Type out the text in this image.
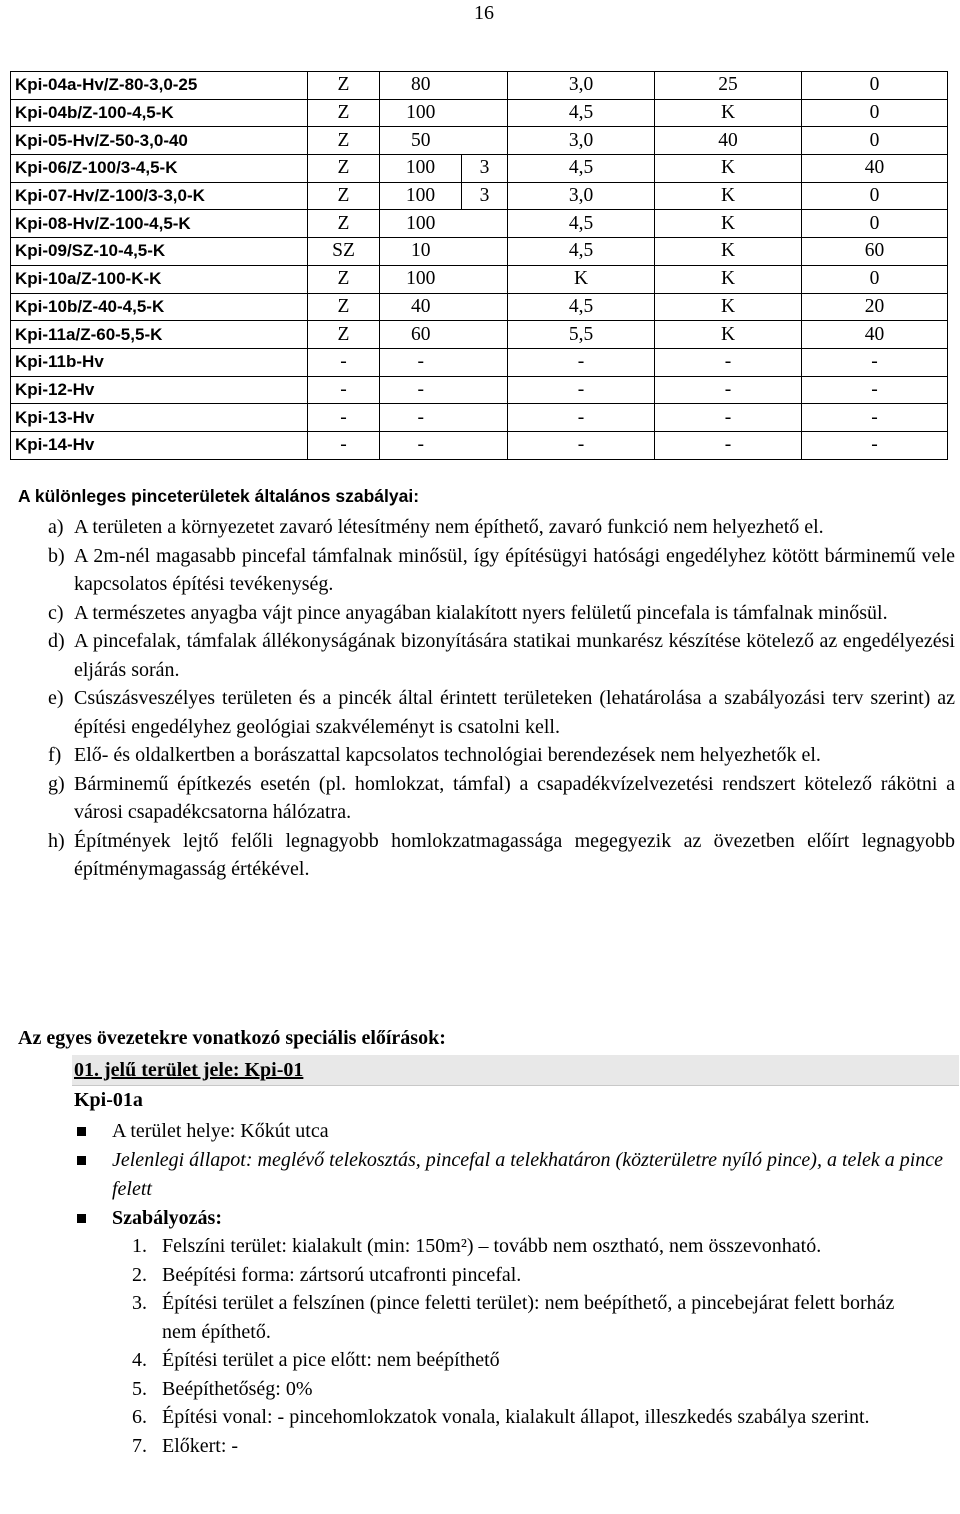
16
Kpi-04a-Hv/Z-80-3,0-25	Z	80		3,0	25	0
Kpi-04b/Z-100-4,5-K	Z	100		4,5	K	0
Kpi-05-Hv/Z-50-3,0-40	Z	50		3,0	40	0
Kpi-06/Z-100/3-4,5-K	Z	100	3	4,5	K	40
Kpi-07-Hv/Z-100/3-3,0-K	Z	100	3	3,0	K	0
Kpi-08-Hv/Z-100-4,5-K	Z	100		4,5	K	0
Kpi-09/SZ-10-4,5-K	SZ	10		4,5	K	60
Kpi-10a/Z-100-K-K	Z	100		K	K	0
Kpi-10b/Z-40-4,5-K	Z	40		4,5	K	20
Kpi-11a/Z-60-5,5-K	Z	60		5,5	K	40
Kpi-11b-Hv	-	-		-	-	-
Kpi-12-Hv	-	-		-	-	-
Kpi-13-Hv	-	-		-	-	-
Kpi-14-Hv	-	-		-	-	-
A különleges pinceterületek általános szabályai:
a) A területen a környezetet zavaró létesítmény nem építhető, zavaró funkció nem helyezhető el.
b) A 2m-nél magasabb pincefal támfalnak minősül, így építésügyi hatósági engedélyhez kötött bárminemű vele kapcsolatos építési tevékenység.
c) A természetes anyagba vájt pince anyagában kialakított nyers felületű pincefala is támfalnak minősül.
d) A pincefalak, támfalak állékonyságának bizonyítására statikai munkarész készítése kötelező az engedélyezési eljárás során.
e) Csúszásveszélyes területen és a pincék által érintett területeken (lehatárolása a szabályozási terv szerint) az építési engedélyhez geológiai szakvéleményt is csatolni kell.
f) Elő- és oldalkertben a borászattal kapcsolatos technológiai berendezések nem helyezhetők el.
g) Bárminemű építkezés esetén (pl. homlokzat, támfal) a csapadékvízelvezetési rendszert kötelező rákötni a városi csapadékcsatorna hálózatra.
h) Építmények lejtő felőli legnagyobb homlokzatmagassága megegyezik az övezetben előírt legnagyobb építménymagasság értékével.
Az egyes övezetekre vonatkozó speciális előírások:
01. jelű terület jele: Kpi-01
Kpi-01a
A terület helye: Kőkút utca
Jelenlegi állapot: meglévő telekosztás, pincefal a telekhatáron (közterületre nyíló pince), a telek a pince felett
Szabályozás:
1. Felszíni terület: kialakult (min: 150m²) – tovább nem osztható, nem összevonható.
2. Beépítési forma: zártsorú utcafronti pincefal.
3. Építési terület a felszínen (pince feletti terület): nem beépíthető, a pincebejárat felett borház nem építhető.
4. Építési terület a pice előtt: nem beépíthető
5. Beépíthetőség: 0%
6. Építési vonal: - pincehomlokzatok vonala, kialakult állapot, illeszkedés szabálya szerint.
7. Előkert: -
